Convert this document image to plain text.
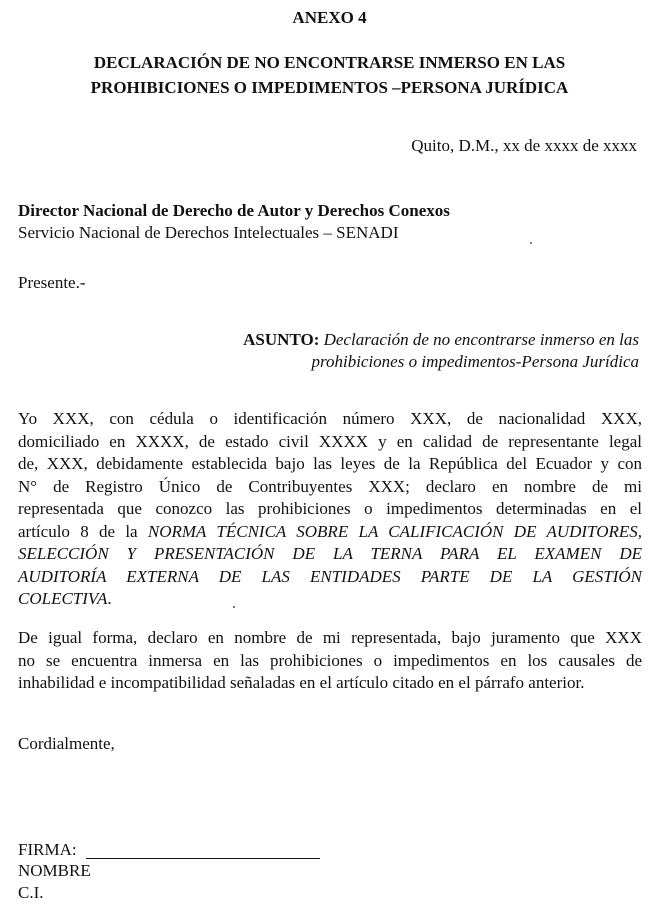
ANEXO 4
DECLARACIÓN DE NO ENCONTRARSE INMERSO EN LAS
PROHIBICIONES O IMPEDIMENTOS –PERSONA JURÍDICA
Quito, D.M., xx de xxxx de xxxx
Director Nacional de Derecho de Autor y Derechos Conexos
Servicio Nacional de Derechos Intelectuales – SENADI
Presente.-
ASUNTO: Declaración de no encontrarse inmerso en las
prohibiciones o impedimentos-Persona Jurídica
Yo XXX, con cédula o identificación número XXX, de nacionalidad XXX,
domiciliado en XXXX, de estado civil XXXX y en calidad de representante legal
de, XXX, debidamente establecida bajo las leyes de la República del Ecuador y con
N° de Registro Único de Contribuyentes XXX; declaro en nombre de mi
representada que conozco las prohibiciones o impedimentos determinadas en el
artículo 8 de la NORMA TÉCNICA SOBRE LA CALIFICACIÓN DE AUDITORES,
SELECCIÓN Y PRESENTACIÓN DE LA TERNA PARA EL EXAMEN DE
AUDITORÍA EXTERNA DE LAS ENTIDADES PARTE DE LA GESTIÓN
COLECTIVA.
De igual forma, declaro en nombre de mi representada, bajo juramento que XXX
no se encuentra inmersa en las prohibiciones o impedimentos en los causales de
inhabilidad e incompatibilidad señaladas en el artículo citado en el párrafo anterior.
Cordialmente,
FIRMA:
NOMBRE
C.I.
